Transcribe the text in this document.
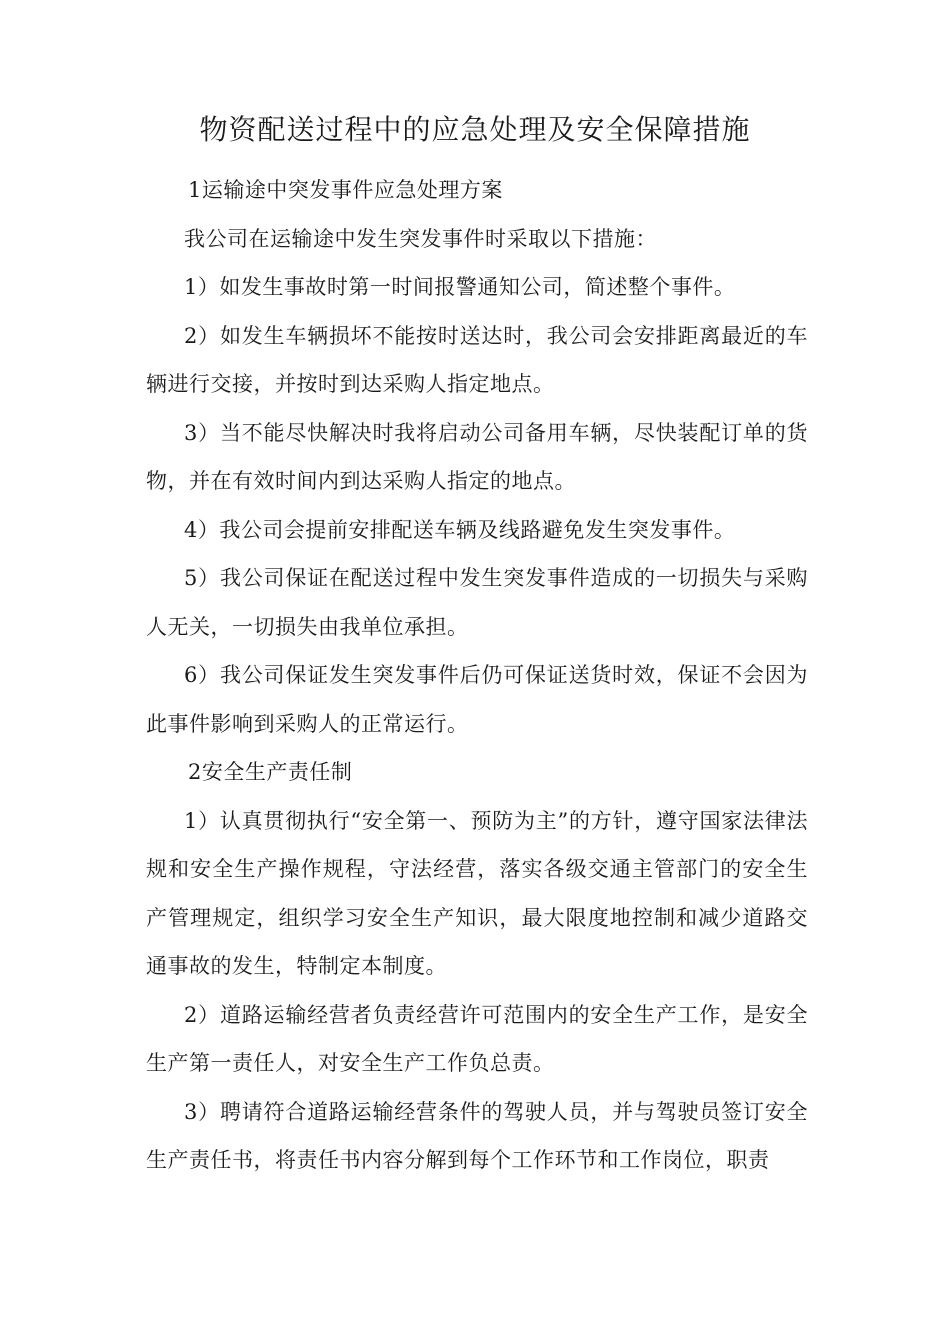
物资配送过程中的应急处理及安全保障措施

1运输途中突发事件应急处理方案

我公司在运输途中发生突发事件时采取以下措施：

1）如发生事故时第一时间报警通知公司，简述整个事件。

2）如发生车辆损坏不能按时送达时，我公司会安排距离最近的车辆进行交接，并按时到达采购人指定地点。

3）当不能尽快解决时我将启动公司备用车辆，尽快装配订单的货物，并在有效时间内到达采购人指定的地点。

4）我公司会提前安排配送车辆及线路避免发生突发事件。

5）我公司保证在配送过程中发生突发事件造成的一切损失与采购人无关，一切损失由我单位承担。

6）我公司保证发生突发事件后仍可保证送货时效，保证不会因为此事件影响到采购人的正常运行。

2安全生产责任制

1）认真贯彻执行“安全第一、预防为主”的方针，遵守国家法律法规和安全生产操作规程，守法经营，落实各级交通主管部门的安全生产管理规定，组织学习安全生产知识，最大限度地控制和减少道路交通事故的发生，特制定本制度。

2）道路运输经营者负责经营许可范围内的安全生产工作，是安全生产第一责任人，对安全生产工作负总责。

3）聘请符合道路运输经营条件的驾驶人员，并与驾驶员签订安全生产责任书，将责任书内容分解到每个工作环节和工作岗位，职责
